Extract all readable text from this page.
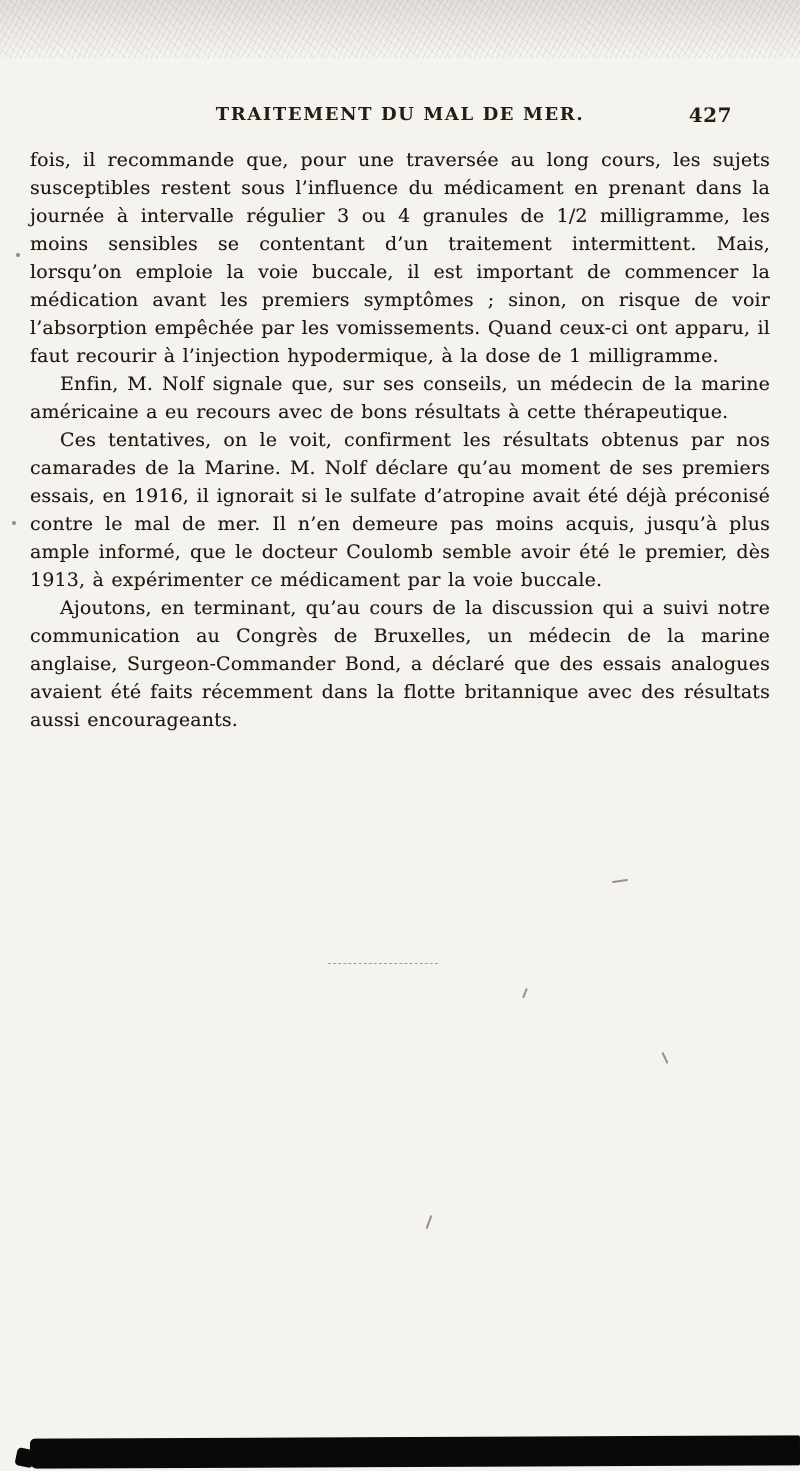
TRAITEMENT DU MAL DE MER.	427

fois, il recommande que, pour une traversée au long cours, les sujets susceptibles restent sous l’influence du médicament en prenant dans la journée à intervalle régulier 3 ou 4 granules de 1/2 milligramme, les moins sensibles se contentant d’un traitement intermittent. Mais, lorsqu’on emploie la voie buccale, il est important de commencer la médication avant les premiers symptômes ; sinon, on risque de voir l’absorption empêchée par les vomissements. Quand ceux-ci ont apparu, il faut recourir à l’injection hypodermique, à la dose de 1 milligramme.

Enfin, M. Nolf signale que, sur ses conseils, un médecin de la marine américaine a eu recours avec de bons résultats à cette thérapeutique.

Ces tentatives, on le voit, confirment les résultats obtenus par nos camarades de la Marine. M. Nolf déclare qu’au moment de ses premiers essais, en 1916, il ignorait si le sulfate d’atropine avait été déjà préconisé contre le mal de mer. Il n’en demeure pas moins acquis, jusqu’à plus ample informé, que le docteur Coulomb semble avoir été le premier, dès 1913, à expérimenter ce médicament par la voie buccale.

Ajoutons, en terminant, qu’au cours de la discussion qui a suivi notre communication au Congrès de Bruxelles, un médecin de la marine anglaise, Surgeon-Commander Bond, a déclaré que des essais analogues avaient été faits récemment dans la flotte britannique avec des résultats aussi encourageants.
